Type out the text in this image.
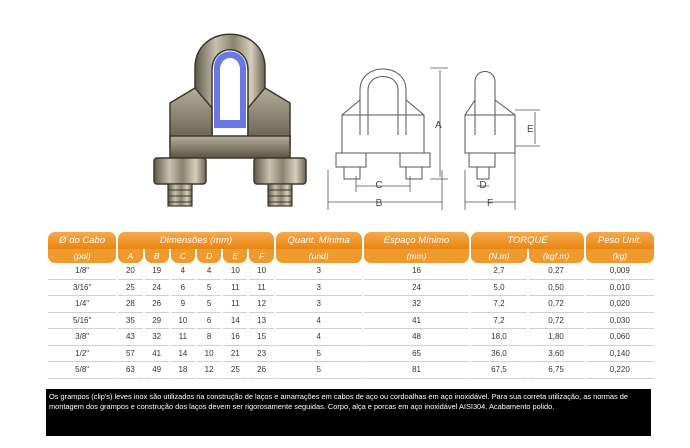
A
C
B
E
D
F
Ø do Cabo	Dimensões (mm)						Quant. Mínima	Espaço Mínimo	TORQUE		Peso Unit.
(pol)	A	B	C	D	E	F	(und)	(mm)	(N.m)	(kgf.m)	(kg)
1/8"	20	19	4	4	10	10	3	16	2,7	0,27	0,009
3/16"	25	24	6	5	11	11	3	24	5,0	0,50	0,010
1/4"	28	26	9	5	11	12	3	32	7,2	0,72	0,020
5/16"	35	29	10	6	14	13	4	41	7,2	0,72	0,030
3/8"	43	32	11	8	16	15	4	48	18,0	1,80	0,060
1/2"	57	41	14	10	21	23	5	65	36,0	3,60	0,140
5/8"	63	49	18	12	25	26	5	81	67,5	6,75	0,220
Os grampos (clip's) leves inox são utilizados na construção de laços e amarrações em cabos de aço ou cordoalhas em aço inoxidável. Para sua correta utilização, as normas de montagem dos grampos e construção dos laços devem ser rigorosamente seguidas. Corpo, alça e porcas em aço inoxidável AISI304. Acabamento polido.
